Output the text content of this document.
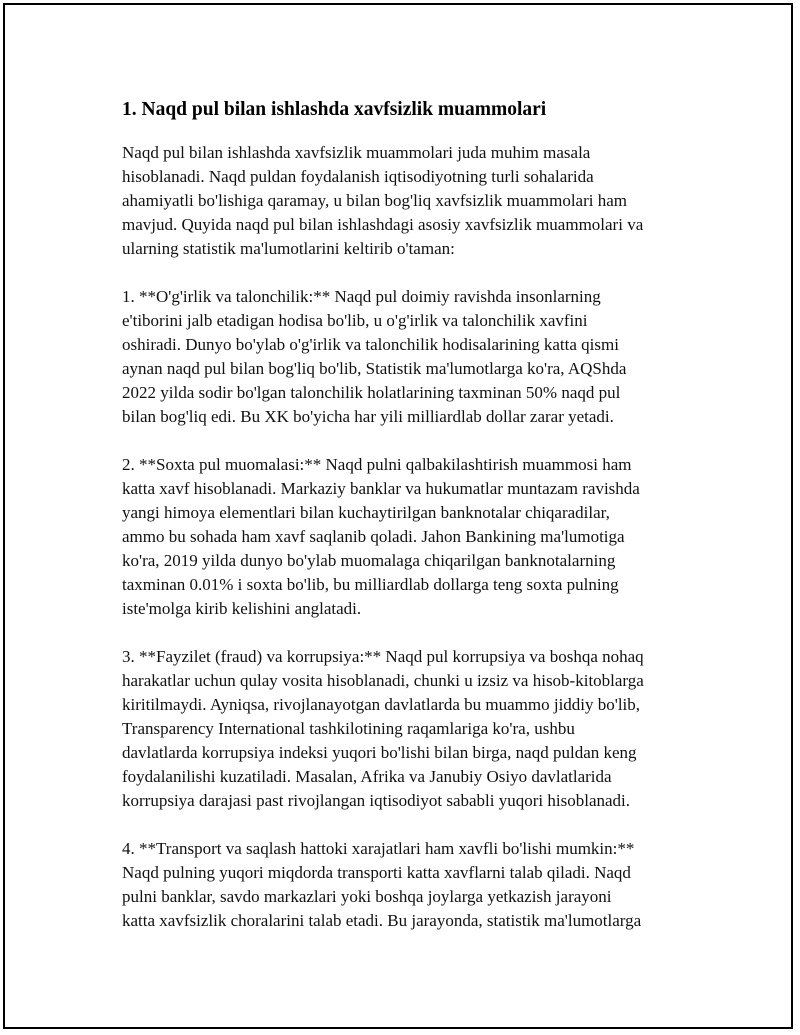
1. Naqd pul bilan ishlashda xavfsizlik muammolari

Naqd pul bilan ishlashda xavfsizlik muammolari juda muhim masala
hisoblanadi. Naqd puldan foydalanish iqtisodiyotning turli sohalarida
ahamiyatli bo'lishiga qaramay, u bilan bog'liq xavfsizlik muammolari ham
mavjud. Quyida naqd pul bilan ishlashdagi asosiy xavfsizlik muammolari va
ularning statistik ma'lumotlarini keltirib o'taman:

1. **O'g'irlik va talonchilik:** Naqd pul doimiy ravishda insonlarning
e'tiborini jalb etadigan hodisa bo'lib, u o'g'irlik va talonchilik xavfini
oshiradi. Dunyo bo'ylab o'g'irlik va talonchilik hodisalarining katta qismi
aynan naqd pul bilan bog'liq bo'lib, Statistik ma'lumotlarga ko'ra, AQShda
2022 yilda sodir bo'lgan talonchilik holatlarining taxminan 50% naqd pul
bilan bog'liq edi. Bu XK bo'yicha har yili milliardlab dollar zarar yetadi.

2. **Soxta pul muomalasi:** Naqd pulni qalbakilashtirish muammosi ham
katta xavf hisoblanadi. Markaziy banklar va hukumatlar muntazam ravishda
yangi himoya elementlari bilan kuchaytirilgan banknotalar chiqaradilar,
ammo bu sohada ham xavf saqlanib qoladi. Jahon Bankining ma'lumotiga
ko'ra, 2019 yilda dunyo bo'ylab muomalaga chiqarilgan banknotalarning
taxminan 0.01% i soxta bo'lib, bu milliardlab dollarga teng soxta pulning
iste'molga kirib kelishini anglatadi.

3. **Fayzilet (fraud) va korrupsiya:** Naqd pul korrupsiya va boshqa nohaq
harakatlar uchun qulay vosita hisoblanadi, chunki u izsiz va hisob-kitoblarga
kiritilmaydi. Ayniqsa, rivojlanayotgan davlatlarda bu muammo jiddiy bo'lib,
Transparency International tashkilotining raqamlariga ko'ra, ushbu
davlatlarda korrupsiya indeksi yuqori bo'lishi bilan birga, naqd puldan keng
foydalanilishi kuzatiladi. Masalan, Afrika va Janubiy Osiyo davlatlarida
korrupsiya darajasi past rivojlangan iqtisodiyot sababli yuqori hisoblanadi.

4. **Transport va saqlash hattoki xarajatlari ham xavfli bo'lishi mumkin:**
Naqd pulning yuqori miqdorda transporti katta xavflarni talab qiladi. Naqd
pulni banklar, savdo markazlari yoki boshqa joylarga yetkazish jarayoni
katta xavfsizlik choralarini talab etadi. Bu jarayonda, statistik ma'lumotlarga
